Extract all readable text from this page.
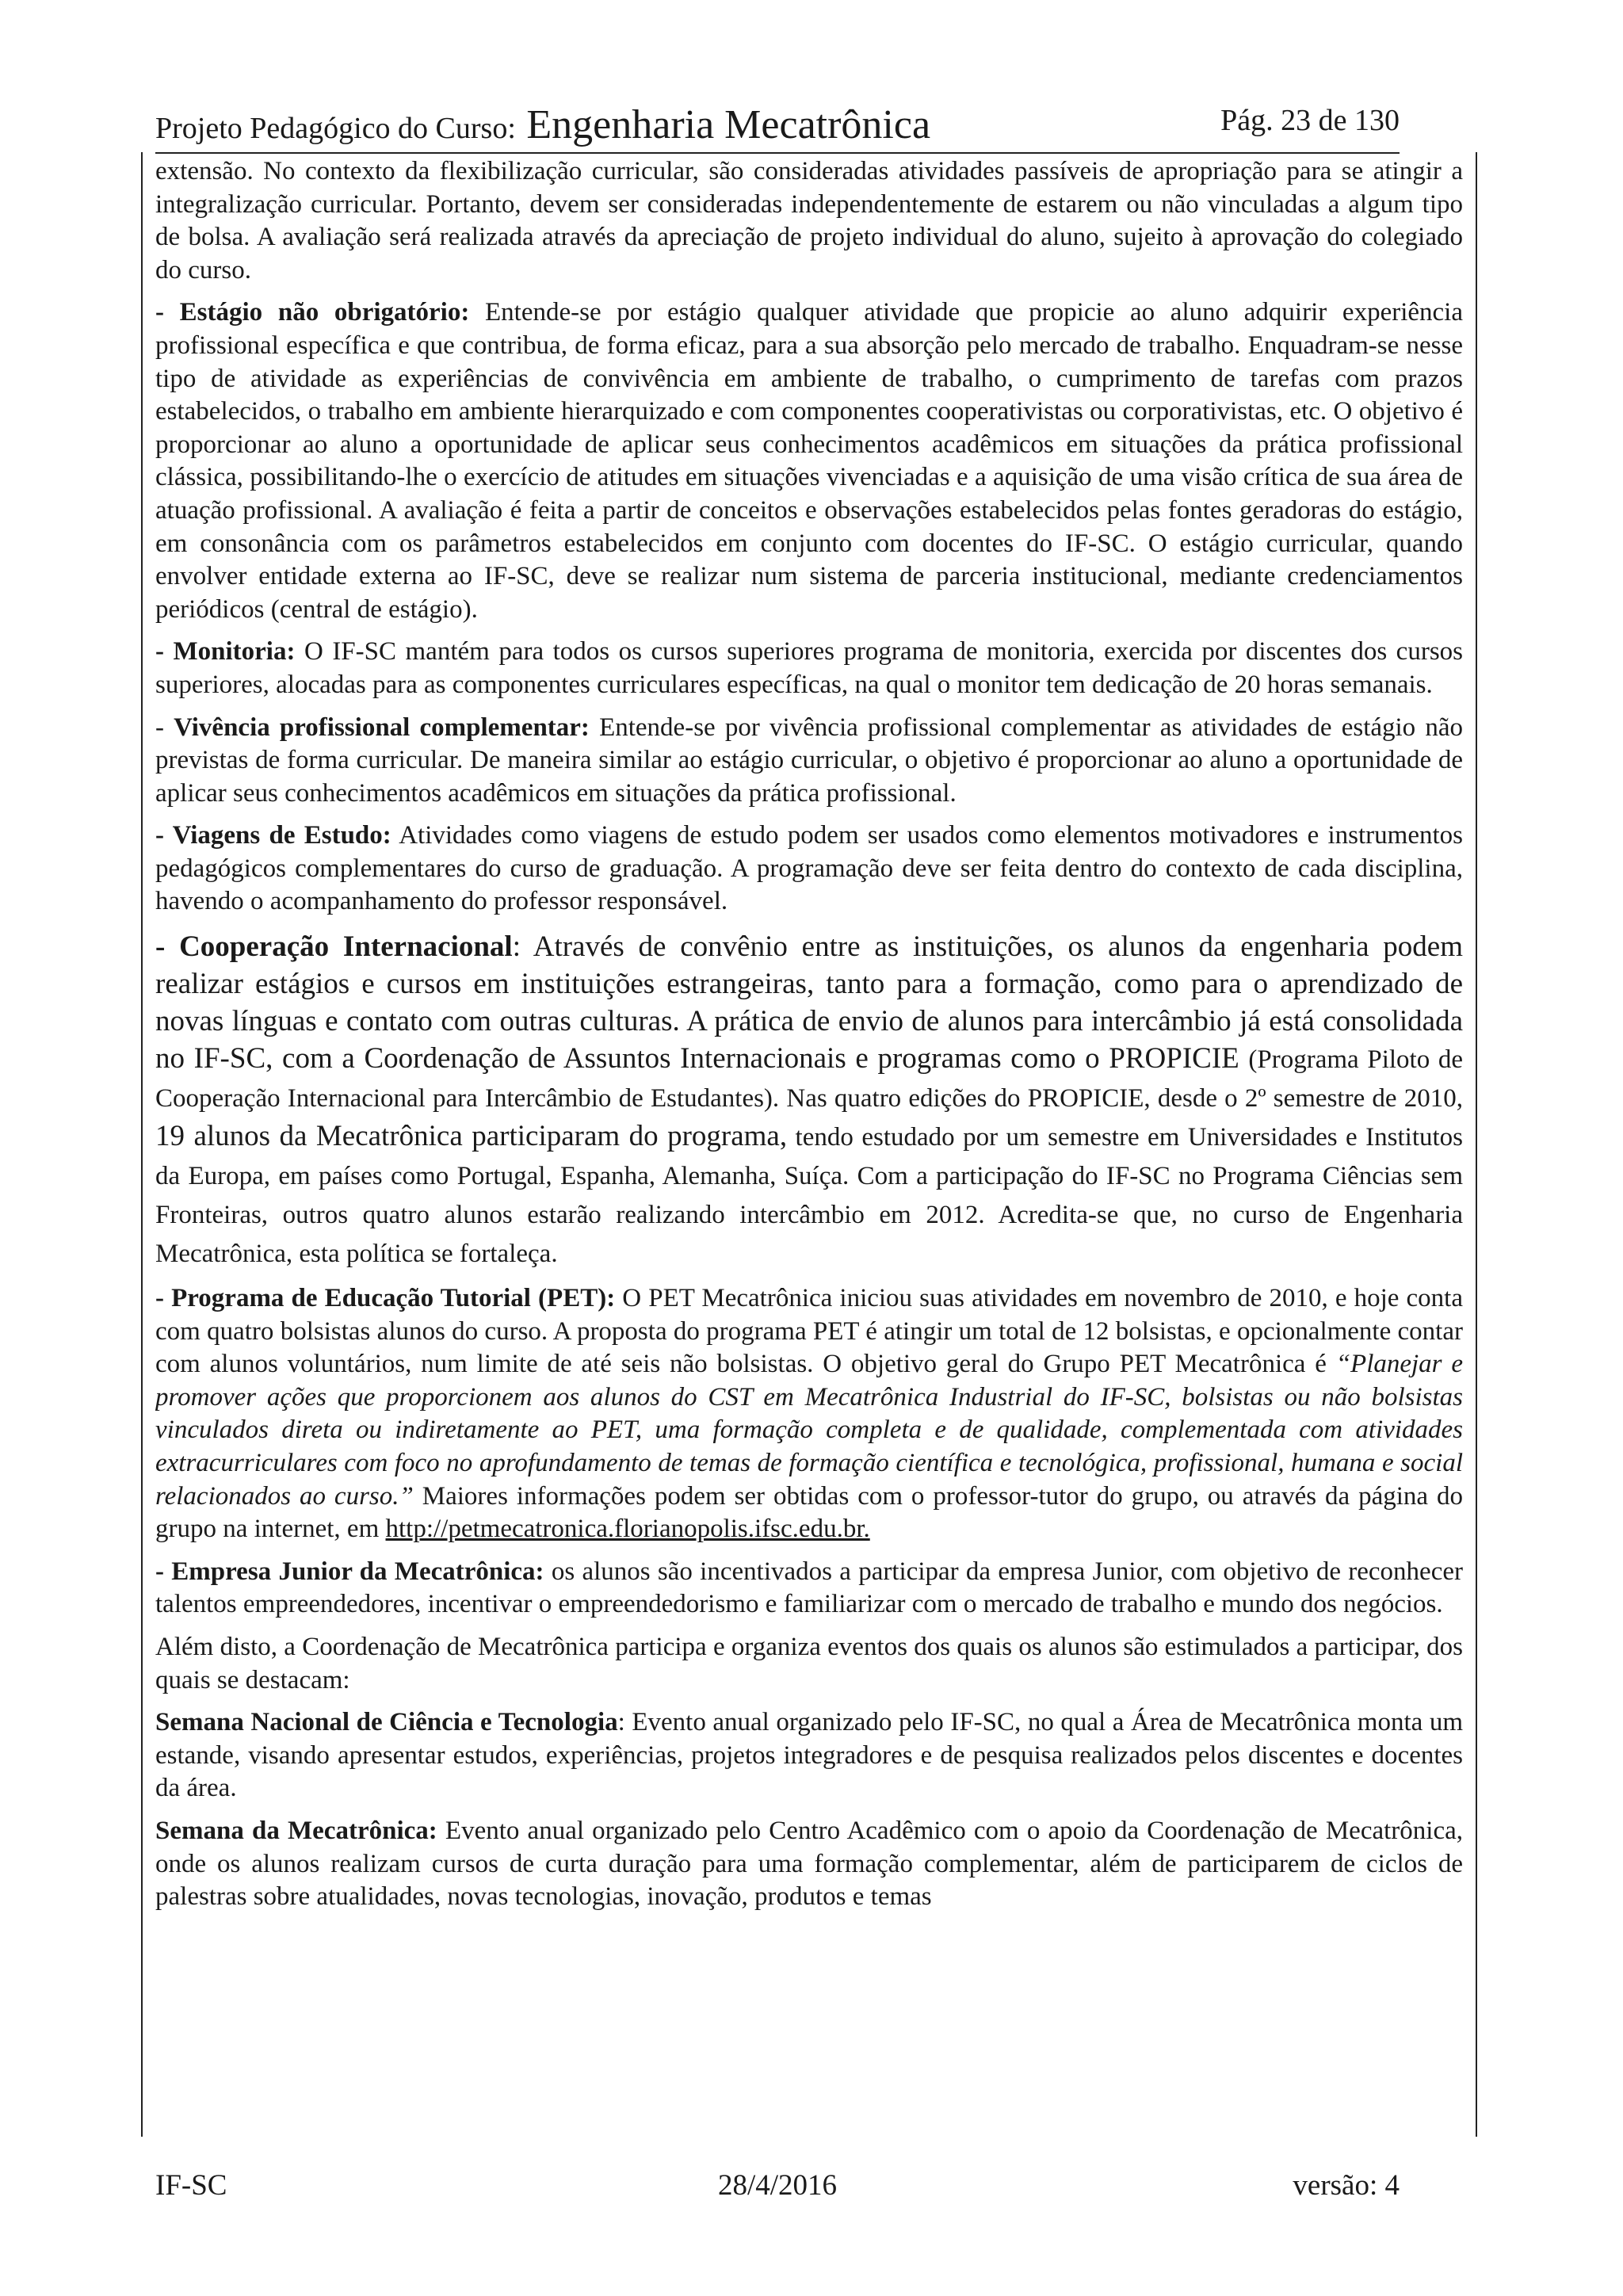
Projeto Pedagógico do Curso: Engenharia Mecatrônica	Pág. 23 de 130

extensão. No contexto da flexibilização curricular, são consideradas atividades passíveis de apropriação para se atingir a integralização curricular. Portanto, devem ser consideradas independentemente de estarem ou não vinculadas a algum tipo de bolsa. A avaliação será realizada através da apreciação de projeto individual do aluno, sujeito à aprovação do colegiado do curso.

- Estágio não obrigatório: Entende-se por estágio qualquer atividade que propicie ao aluno adquirir experiência profissional específica e que contribua, de forma eficaz, para a sua absorção pelo mercado de trabalho. Enquadram-se nesse tipo de atividade as experiências de convivência em ambiente de trabalho, o cumprimento de tarefas com prazos estabelecidos, o trabalho em ambiente hierarquizado e com componentes cooperativistas ou corporativistas, etc. O objetivo é proporcionar ao aluno a oportunidade de aplicar seus conhecimentos acadêmicos em situações da prática profissional clássica, possibilitando-lhe o exercício de atitudes em situações vivenciadas e a aquisição de uma visão crítica de sua área de atuação profissional. A avaliação é feita a partir de conceitos e observações estabelecidos pelas fontes geradoras do estágio, em consonância com os parâmetros estabelecidos em conjunto com docentes do IF-SC. O estágio curricular, quando envolver entidade externa ao IF-SC, deve se realizar num sistema de parceria institucional, mediante credenciamentos periódicos (central de estágio).

- Monitoria: O IF-SC mantém para todos os cursos superiores programa de monitoria, exercida por discentes dos cursos superiores, alocadas para as componentes curriculares específicas, na qual o monitor tem dedicação de 20 horas semanais.

- Vivência profissional complementar: Entende-se por vivência profissional complementar as atividades de estágio não previstas de forma curricular. De maneira similar ao estágio curricular, o objetivo é proporcionar ao aluno a oportunidade de aplicar seus conhecimentos acadêmicos em situações da prática profissional.

- Viagens de Estudo: Atividades como viagens de estudo podem ser usados como elementos motivadores e instrumentos pedagógicos complementares do curso de graduação. A programação deve ser feita dentro do contexto de cada disciplina, havendo o acompanhamento do professor responsável.

- Cooperação Internacional: Através de convênio entre as instituições, os alunos da engenharia podem realizar estágios e cursos em instituições estrangeiras, tanto para a formação, como para o aprendizado de novas línguas e contato com outras culturas. A prática de envio de alunos para intercâmbio já está consolidada no IF-SC, com a Coordenação de Assuntos Internacionais e programas como o PROPICIE (Programa Piloto de Cooperação Internacional para Intercâmbio de Estudantes). Nas quatro edições do PROPICIE, desde o 2º semestre de 2010, 19 alunos da Mecatrônica participaram do programa, tendo estudado por um semestre em Universidades e Institutos da Europa, em países como Portugal, Espanha, Alemanha, Suíça. Com a participação do IF-SC no Programa Ciências sem Fronteiras, outros quatro alunos estarão realizando intercâmbio em 2012. Acredita-se que, no curso de Engenharia Mecatrônica, esta política se fortaleça.

- Programa de Educação Tutorial (PET): O PET Mecatrônica iniciou suas atividades em novembro de 2010, e hoje conta com quatro bolsistas alunos do curso. A proposta do programa PET é atingir um total de 12 bolsistas, e opcionalmente contar com alunos voluntários, num limite de até seis não bolsistas. O objetivo geral do Grupo PET Mecatrônica é “Planejar e promover ações que proporcionem aos alunos do CST em Mecatrônica Industrial do IF-SC, bolsistas ou não bolsistas vinculados direta ou indiretamente ao PET, uma formação completa e de qualidade, complementada com atividades extracurriculares com foco no aprofundamento de temas de formação científica e tecnológica, profissional, humana e social relacionados ao curso.” Maiores informações podem ser obtidas com o professor-tutor do grupo, ou através da página do grupo na internet, em http://petmecatronica.florianopolis.ifsc.edu.br.

- Empresa Junior da Mecatrônica: os alunos são incentivados a participar da empresa Junior, com objetivo de reconhecer talentos empreendedores, incentivar o empreendedorismo e familiarizar com o mercado de trabalho e mundo dos negócios.

Além disto, a Coordenação de Mecatrônica participa e organiza eventos dos quais os alunos são estimulados a participar, dos quais se destacam:

Semana Nacional de Ciência e Tecnologia: Evento anual organizado pelo IF-SC, no qual a Área de Mecatrônica monta um estande, visando apresentar estudos, experiências, projetos integradores e de pesquisa realizados pelos discentes e docentes da área.

Semana da Mecatrônica: Evento anual organizado pelo Centro Acadêmico com o apoio da Coordenação de Mecatrônica, onde os alunos realizam cursos de curta duração para uma formação complementar, além de participarem de ciclos de palestras sobre atualidades, novas tecnologias, inovação, produtos e temas

IF-SC	28/4/2016	versão: 4
